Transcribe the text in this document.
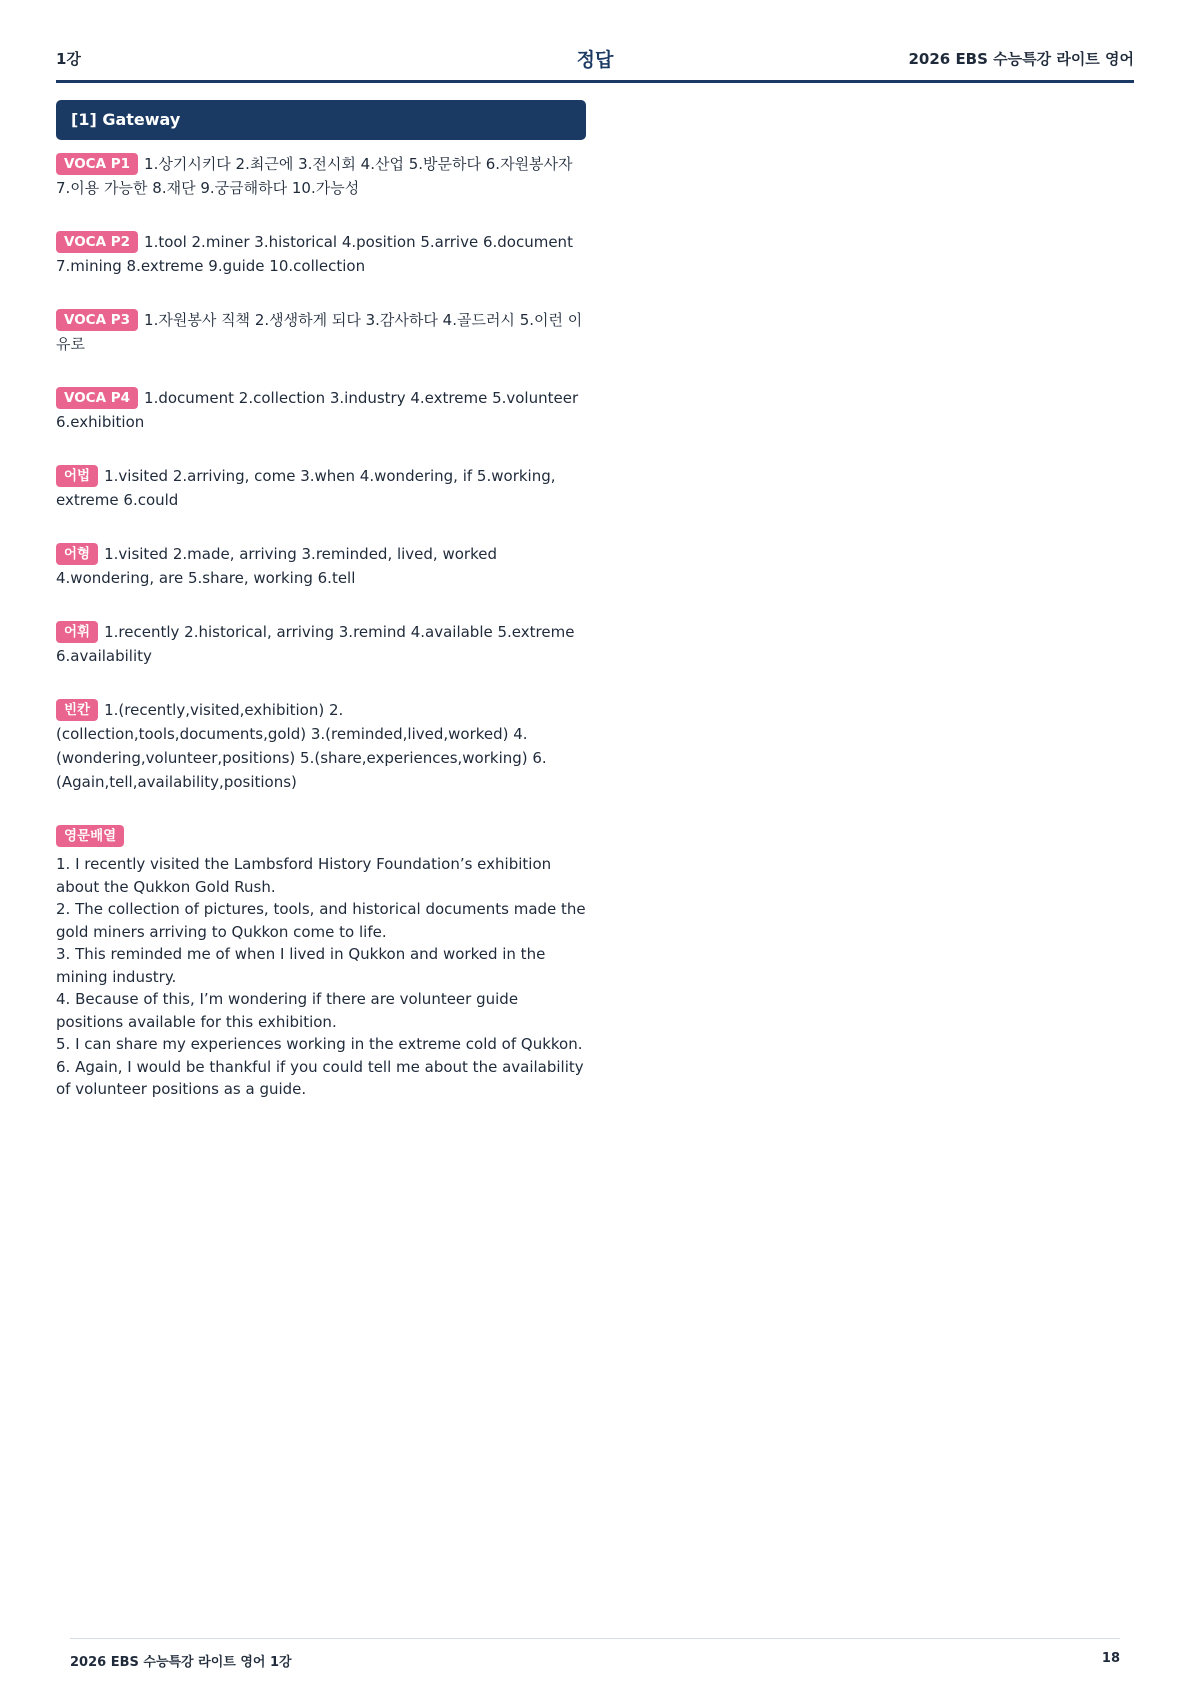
1강	정답	2026 EBS 수능특강 라이트 영어
[1] Gateway
VOCA P1 1.상기시키다 2.최근에 3.전시회 4.산업 5.방문하다 6.자원봉사자 7.이용 가능한 8.재단 9.궁금해하다 10.가능성
VOCA P2 1.tool 2.miner 3.historical 4.position 5.arrive 6.document 7.mining 8.extreme 9.guide 10.collection
VOCA P3 1.자원봉사 직책 2.생생하게 되다 3.감사하다 4.골드러시 5.이런 이유로
VOCA P4 1.document 2.collection 3.industry 4.extreme 5.volunteer 6.exhibition
어법 1.visited 2.arriving, come 3.when 4.wondering, if 5.working, extreme 6.could
어형 1.visited 2.made, arriving 3.reminded, lived, worked 4.wondering, are 5.share, working 6.tell
어휘 1.recently 2.historical, arriving 3.remind 4.available 5.extreme 6.availability
빈칸 1.(recently,visited,exhibition) 2.(collection,tools,documents,gold) 3.(reminded,lived,worked) 4.(wondering,volunteer,positions) 5.(share,experiences,working) 6.(Again,tell,availability,positions)
영문배열
1. I recently visited the Lambsford History Foundation’s exhibition about the Qukkon Gold Rush.
2. The collection of pictures, tools, and historical documents made the gold miners arriving to Qukkon come to life.
3. This reminded me of when I lived in Qukkon and worked in the mining industry.
4. Because of this, I’m wondering if there are volunteer guide positions available for this exhibition.
5. I can share my experiences working in the extreme cold of Qukkon.
6. Again, I would be thankful if you could tell me about the availability of volunteer positions as a guide.
2026 EBS 수능특강 라이트 영어 1강	18
